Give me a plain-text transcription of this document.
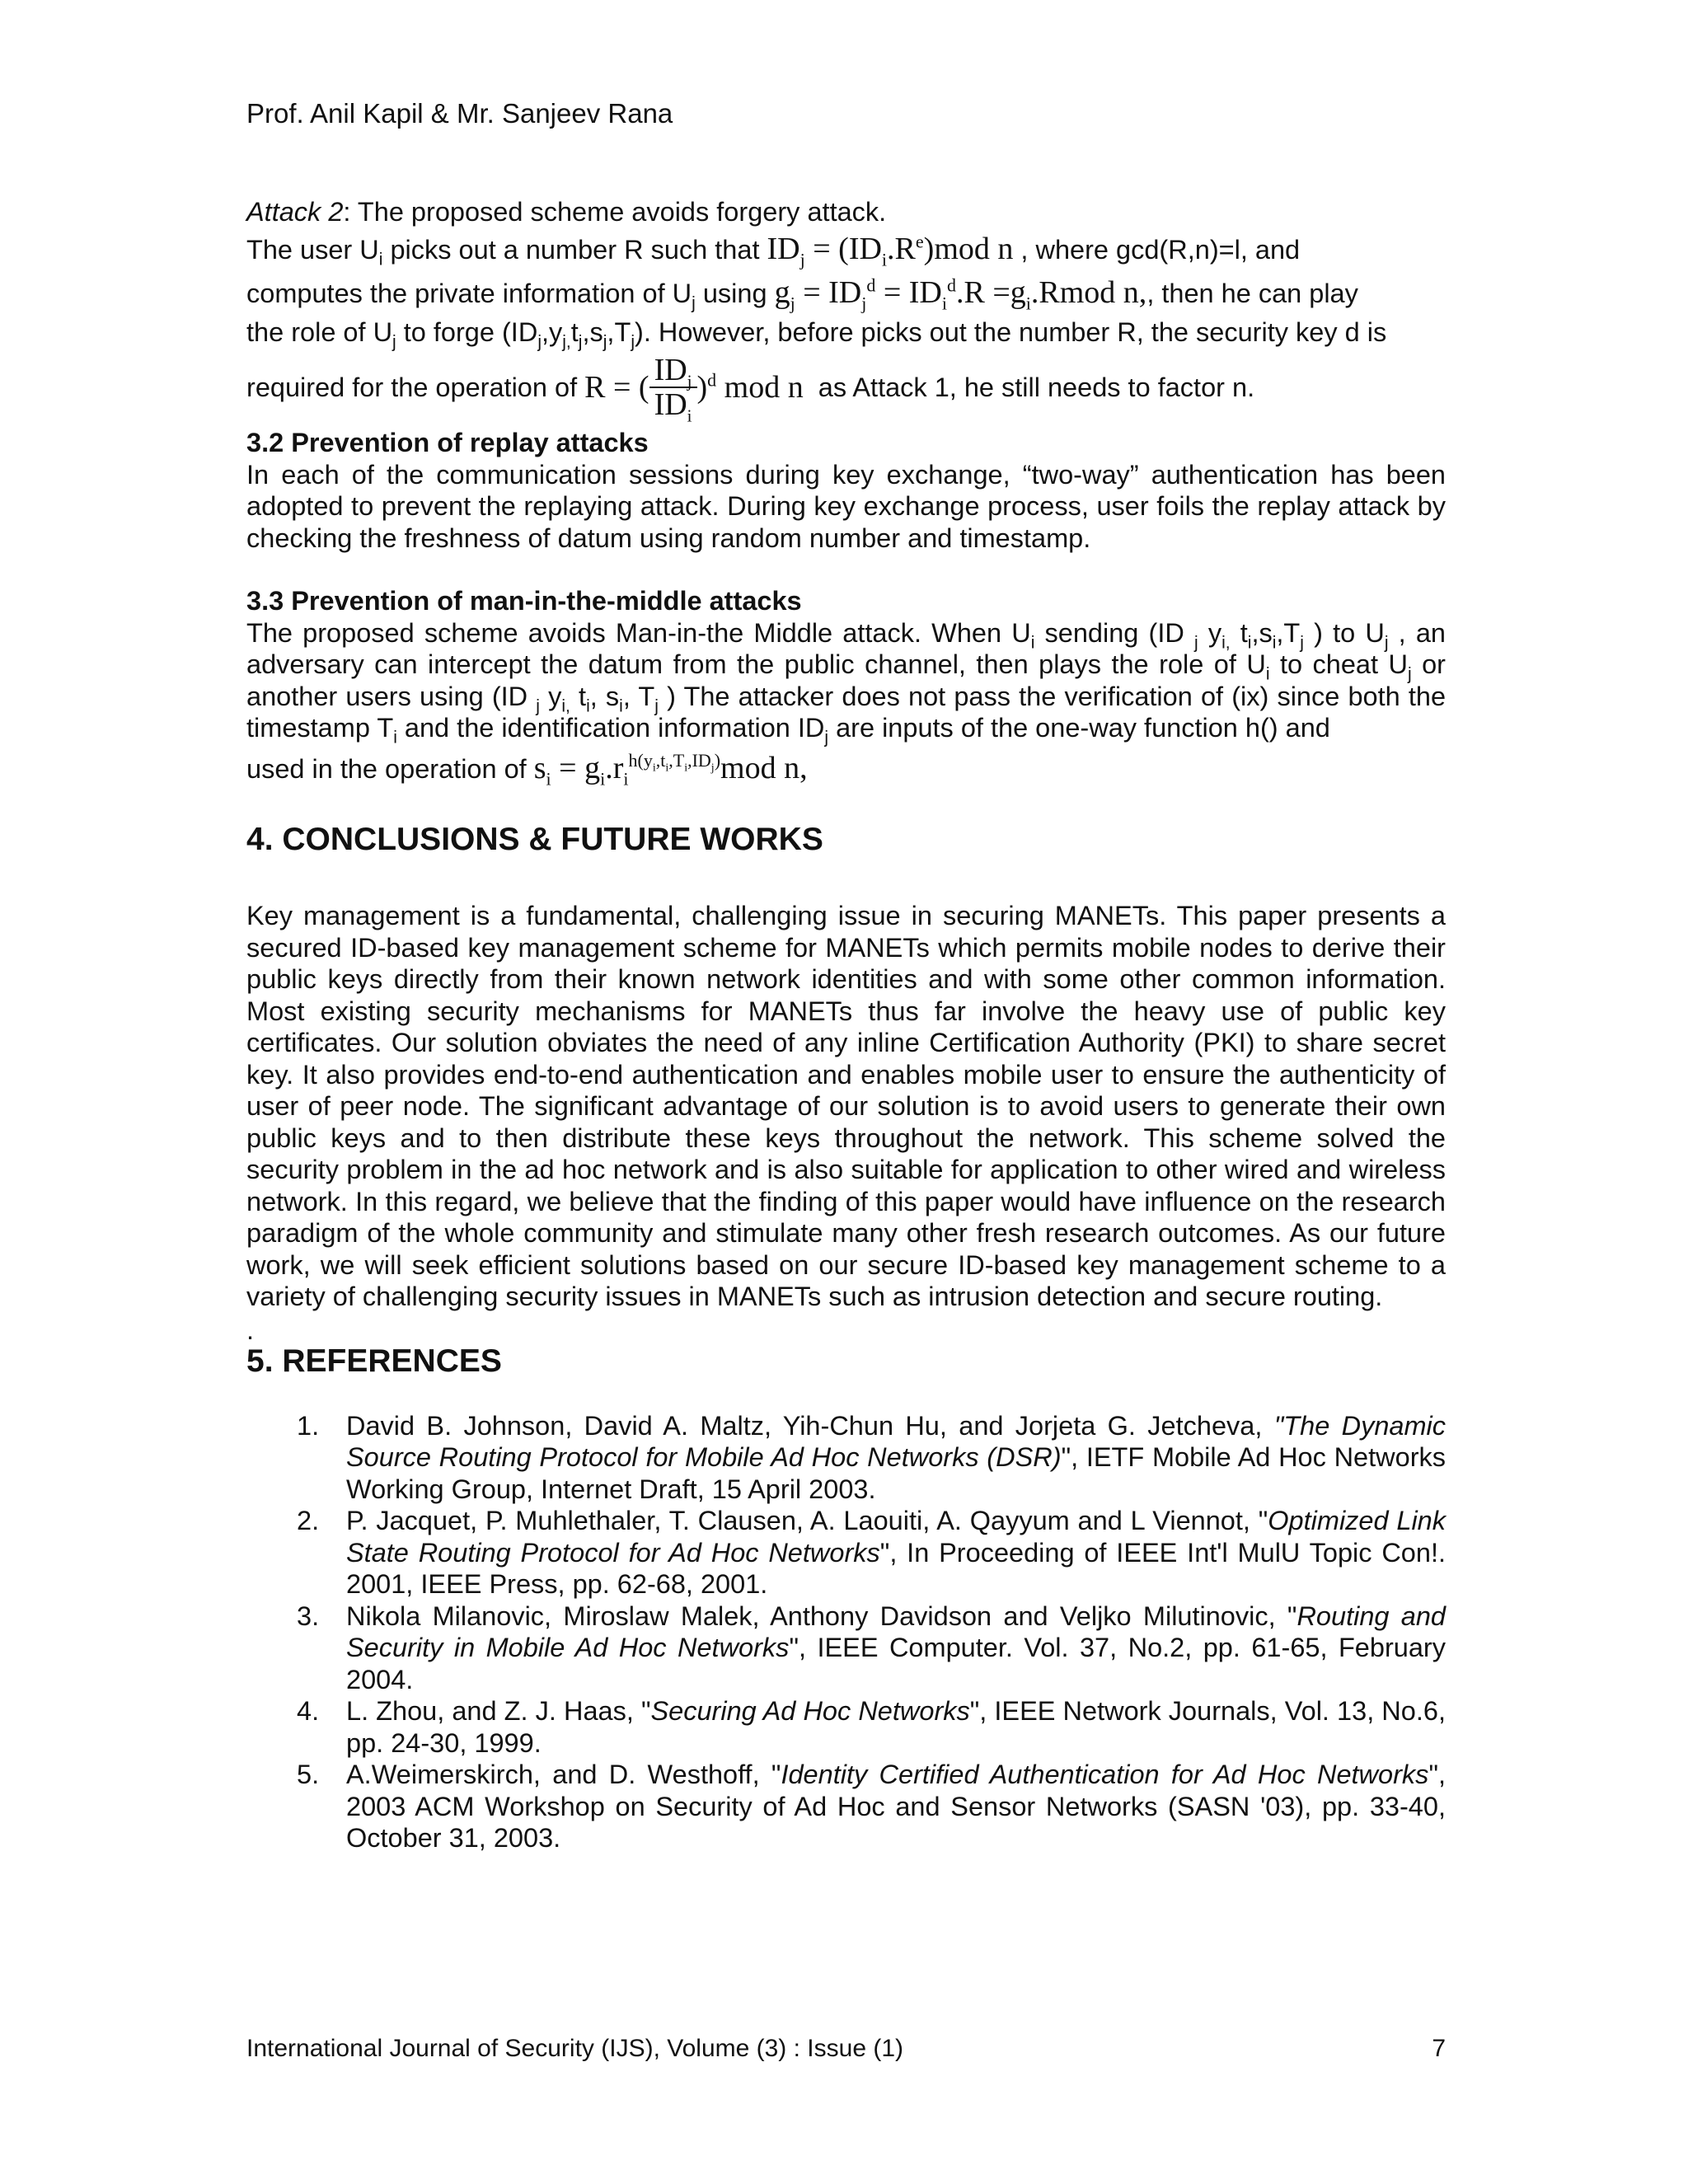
Prof. Anil Kapil & Mr. Sanjeev Rana

Attack 2: The proposed scheme avoids forgery attack.

The user $U_i$ picks out a number R such that $ID_j = (ID_i.R^e)mod$ n , where gcd(R,n)=l, and

computes the private information of $U_j$ using $g_j = ID_j^d = ID_i^d.R$ $=g_i.Rmod$ n,, then he can play

the role of $U_j$ to forge $(ID_j,y_{j,}t_j,s_j,T_j)$. However, before picks out the number R, the security key d is

required for the operation of
R = ( $\frac{ID_j}{ID_i} )^d$ mod n
as Attack 1, he still needs to factor n.

3.2 Prevention of replay attacks

In each of the communication sessions during key exchange, “two-way” authentication has been adopted to prevent the replaying attack. During key exchange process, user foils the replay attack by checking the freshness of datum using random number and timestamp.

3.3 Prevention of man-in-the-middle attacks

The proposed scheme avoids Man-in-the Middle attack. When $U_i$ sending (ID $_j$ $y_{i,}$ $t_i,s_i,T_j$ ) to $U_j$ , an adversary can intercept the datum from the public channel, then plays the role of $U_i$ to cheat $U_j$ or another users using (ID $_j$ $y_{i,}$ $t_i$, $s_i$, $T_j$ ) The attacker does not pass the verification of (ix) since both the timestamp $T_i$ and the identification information $ID_j$ are inputs of the one-way function h() and

used in the operation of $s_i = g_i.r_i^{h(y_i,t_i,T_i,ID_j)}mod$ n,

4. CONCLUSIONS & FUTURE WORKS

Key management is a fundamental, challenging issue in securing MANETs. This paper presents a secured ID-based key management scheme for MANETs which permits mobile nodes to derive their public keys directly from their known network identities and with some other common information. Most existing security mechanisms for MANETs thus far involve the heavy use of public key certificates. Our solution obviates the need of any inline Certification Authority (PKI) to share secret key. It also provides end-to-end authentication and enables mobile user to ensure the authenticity of user of peer node. The significant advantage of our solution is to avoid users to generate their own public keys and to then distribute these keys throughout the network. This scheme solved the security problem in the ad hoc network and is also suitable for application to other wired and wireless network. In this regard, we believe that the finding of this paper would have influence on the research paradigm of the whole community and stimulate many other fresh research outcomes. As our future work, we will seek efficient solutions based on our secure ID-based key management scheme to a variety of challenging security issues in MANETs such as intrusion detection and secure routing.

.

5. REFERENCES

1. David B. Johnson, David A. Maltz, Yih-Chun Hu, and Jorjeta G. Jetcheva, "The Dynamic Source Routing Protocol for Mobile Ad Hoc Networks (DSR)", IETF Mobile Ad Hoc Networks Working Group, Internet Draft, 15 April 2003.
2. P. Jacquet, P. Muhlethaler, T. Clausen, A. Laouiti, A. Qayyum and L Viennot, "Optimized Link State Routing Protocol for Ad Hoc Networks", In Proceeding of IEEE Int'l MulU Topic Con!. 2001, IEEE Press, pp. 62-68, 2001.
3. Nikola Milanovic, Miroslaw Malek, Anthony Davidson and Veljko Milutinovic, "Routing and Security in Mobile Ad Hoc Networks", IEEE Computer. Vol. 37, No.2, pp. 61-65, February 2004.
4. L. Zhou, and Z. J. Haas, "Securing Ad Hoc Networks", IEEE Network Journals, Vol. 13, No.6, pp. 24-30, 1999.
5. A.Weimerskirch, and D. Westhoff, "Identity Certified Authentication for Ad Hoc Networks", 2003 ACM Workshop on Security of Ad Hoc and Sensor Networks (SASN '03), pp. 33-40, October 31, 2003.
International Journal of Security (IJS), Volume (3) : Issue (1)	7
